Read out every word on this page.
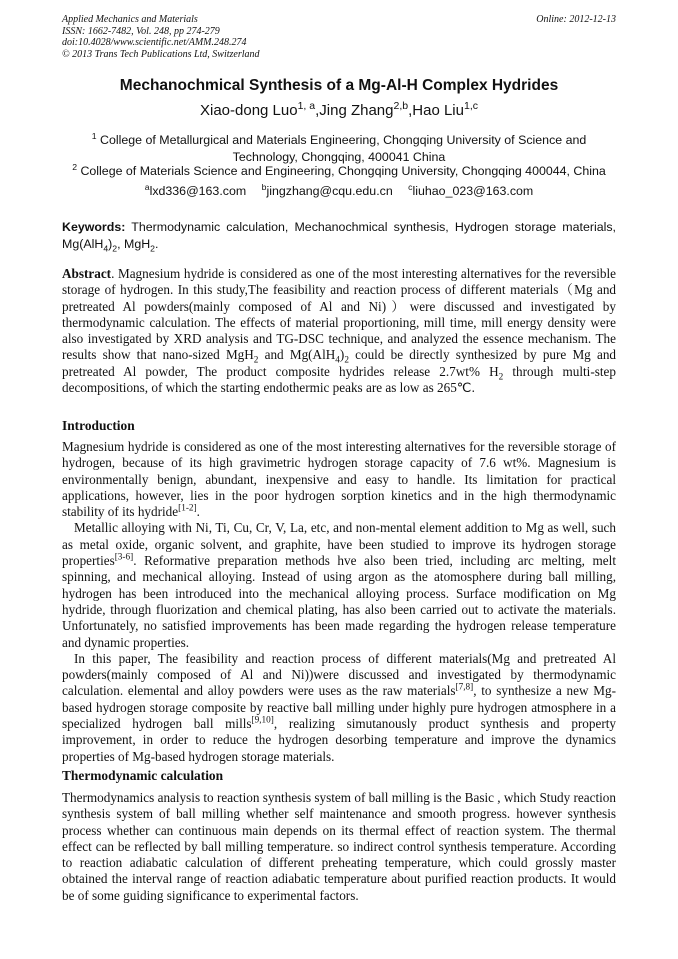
Applied Mechanics and Materials
ISSN: 1662-7482, Vol. 248, pp 274-279
doi:10.4028/www.scientific.net/AMM.248.274
© 2013 Trans Tech Publications Ltd, Switzerland
Online: 2012-12-13
Mechanochmical Synthesis of a Mg-Al-H Complex Hydrides
Xiao-dong Luo$^{1, a}$,Jing Zhang$^{2,b}$,Hao Liu$^{1,c}$
$^1$ College of Metallurgical and Materials Engineering, Chongqing University of Science and
Technology, Chongqing, 400041 China
$^2$ College of Materials Science and Engineering, Chongqing University, Chongqing 400044, China
$^a$lxd336@163.com $^b$jingzhang@cqu.edu.cn $^c$liuhao_023@163.com
Keywords: Thermodynamic calculation, Mechanochmical synthesis, Hydrogen storage materials, $Mg(AlH_4)_2$, MgH$_2$.

Abstract. Magnesium hydride is considered as one of the most interesting alternatives for the reversible storage of hydrogen. In this study,The feasibility and reaction process of different materials（Mg and pretreated Al powders(mainly composed of Al and Ni)）were discussed and investigated by thermodynamic calculation. The effects of material proportioning, mill time, mill energy density were also investigated by XRD analysis and TG-DSC technique, and analyzed the essence mechanism. The results show that nano-sized MgH$_2$ and $Mg(AlH_4)_2$ could be directly synthesized by pure Mg and pretreated Al powder, The product composite hydrides release 2.7wt% $H_2$ through multi-step decompositions, of which the starting endothermic peaks are as low as 265℃.

Introduction

Magnesium hydride is considered as one of the most interesting alternatives for the reversible storage of hydrogen, because of its high gravimetric hydrogen storage capacity of 7.6 wt%. Magnesium is environmentally benign, abundant, inexpensive and easy to handle. Its limitation for practical applications, however, lies in the poor hydrogen sorption kinetics and in the high thermodynamic stability of its hydride[1-2].

Metallic alloying with Ni, Ti, Cu, Cr, V, La, etc, and non-mental element addition to Mg as well, such as metal oxide, organic solvent, and graphite, have been studied to improve its hydrogen storage properties[3-6]. Reformative preparation methods hve also been tried, including arc melting, melt spinning, and mechanical alloying. Instead of using argon as the atomosphere during ball milling, hydrogen has been introduced into the mechanical alloying process. Surface modification on Mg hydride, through fluorization and chemical plating, has also been carried out to activate the materials. Unfortunately, no satisfied improvements has been made regarding the hydrogen release temperature and dynamic properties.

In this paper, The feasibility and reaction process of different materials(Mg and pretreated Al powders(mainly composed of Al and Ni))were discussed and investigated by thermodynamic calculation. elemental and alloy powders were uses as the raw materials[7,8], to synthesize a new Mg-based hydrogen storage composite by reactive ball milling under highly pure hydrogen atmosphere in a specialized hydrogen ball mills[9,10], realizing simutanously product synthesis and property improvement, in order to reduce the hydrogen desorbing temperature and improve the dynamics properties of Mg-based hydrogen storage materials.

Thermodynamic calculation

Thermodynamics analysis to reaction synthesis system of ball milling is the Basic , which Study reaction synthesis system of ball milling whether self maintenance and smooth progress. however synthesis process whether can continuous main depends on its thermal effect of reaction system. The thermal effect can be reflected by ball milling temperature. so indirect control synthesis temperature. According to reaction adiabatic calculation of different preheating temperature, which could grossly master obtained the interval range of reaction adiabatic temperature about purified reaction products. It would be of some guiding significance to experimental factors.
